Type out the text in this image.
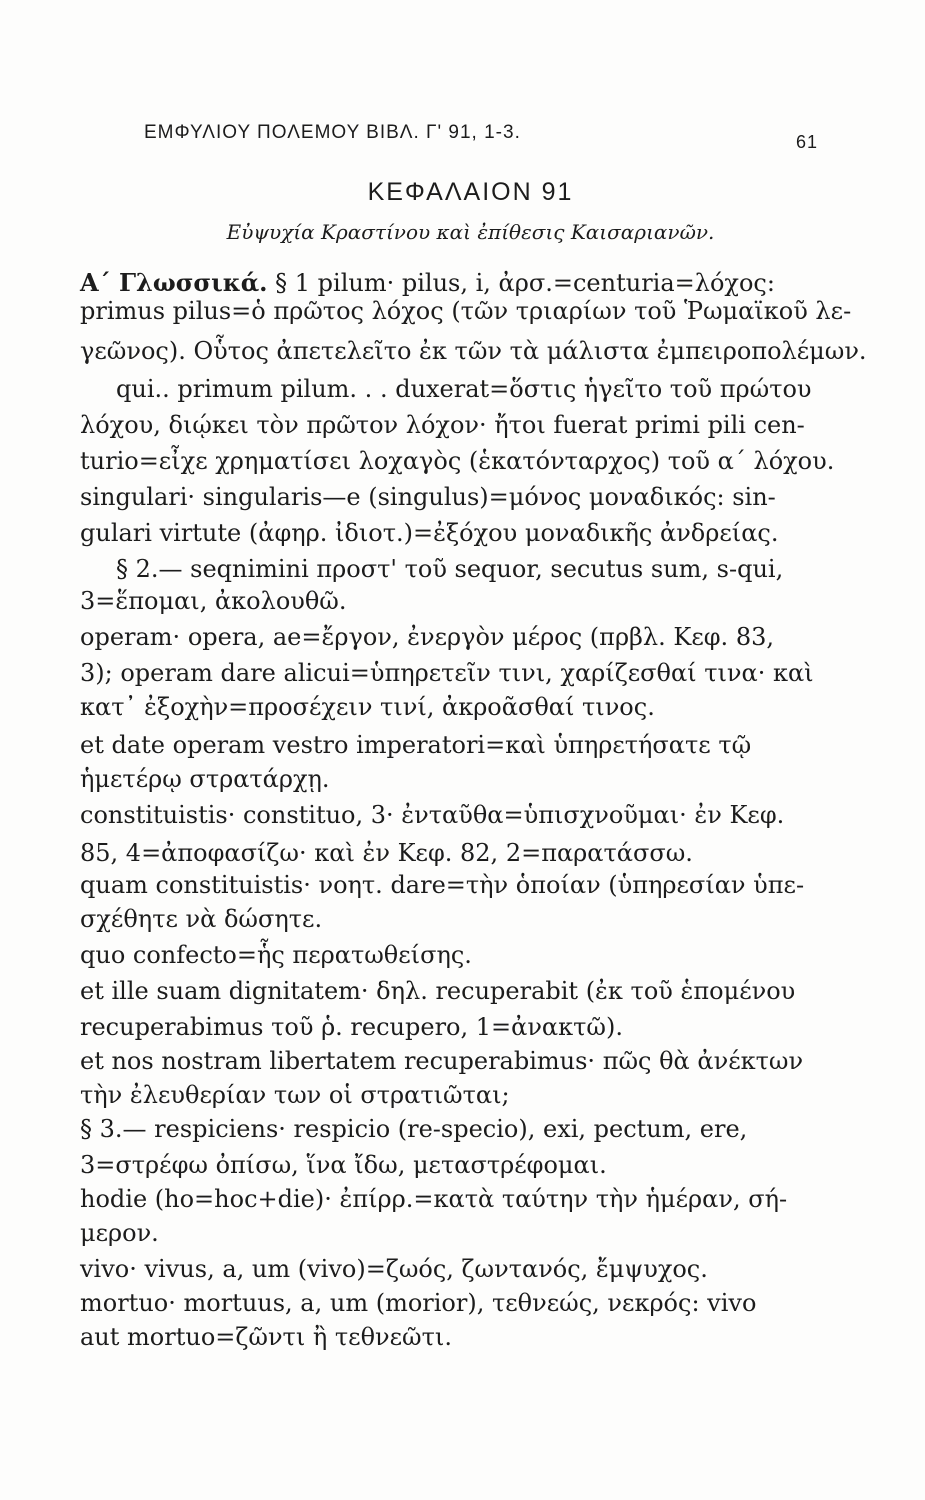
ΕΜΦΥΛΙΟΥ ΠΟΛΕΜΟΥ ΒΙΒΛ. Γ' 91, 1-3.	61
ΚΕΦΑΛΑΙΟΝ 91
Εὐψυχία Κραστίνου καὶ ἐπίθεσις Καισαριανῶν.
Α΄ Γλωσσικά. § 1 pilum· pilus, i, ἀρσ.=centuria=λόχος:
primus pilus=ὁ πρῶτος λόχος (τῶν τριαρίων τοῦ Ῥωμαϊκοῦ λε-
γεῶνος). Οὗτος ἀπετελεῖτο ἐκ τῶν τὰ μάλιστα ἐμπειροπολέμων.
qui.. primum pilum. . . duxerat=ὅστις ἡγεῖτο τοῦ πρώτου
λόχου, διῴκει τὸν πρῶτον λόχον· ἤτοι fuerat primi pili cen-
turio=εἶχε χρηματίσει λοχαγὸς (ἑκατόνταρχος) τοῦ α΄ λόχου.
singulari· singularis—e (singulus)=μόνος μοναδικός: sin-
gulari virtute (ἀφηρ. ἰδιοτ.)=ἐξόχου μοναδικῆς ἀνδρείας.
§ 2.— seqnimini προστ' τοῦ sequor, secutus sum, s-qui,
3=ἕπομαι, ἀκολουθῶ.
operam· opera, ae=ἔργον, ἐνεργὸν μέρος (πρβλ. Κεφ. 83,
3); operam dare alicui=ὑπηρετεῖν τινι, χαρίζεσθαί τινα· καὶ
κατ᾽ ἐξοχὴν=προσέχειν τινί, ἀκροᾶσθαί τινος.
et date operam vestro imperatori=καὶ ὑπηρετήσατε τῷ
ἡμετέρῳ στρατάρχῃ.
constituistis· constituo, 3· ἐνταῦθα=ὑπισχνοῦμαι· ἐν Κεφ.
85, 4=ἀποφασίζω· καὶ ἐν Κεφ. 82, 2=παρατάσσω.
quam constituistis· νοητ. dare=τὴν ὁποίαν (ὑπηρεσίαν ὑπε-
σχέθητε νὰ δώσητε.
quo confecto=ἧς περατωθείσης.
et ille suam dignitatem· δηλ. recuperabit (ἐκ τοῦ ἑπομένου
recuperabimus τοῦ ῥ. recupero, 1=ἀνακτῶ).
et nos nostram libertatem recuperabimus· πῶς θὰ ἀνέκτων
τὴν ἐλευθερίαν των οἱ στρατιῶται;
§ 3.— respiciens· respicio (re-specio), exi, pectum, ere,
3=στρέφω ὀπίσω, ἵνα ἴδω, μεταστρέφομαι.
hodie (ho=hoc+die)· ἐπίρρ.=κατὰ ταύτην τὴν ἡμέραν, σή-
μερον.
vivo· vivus, a, um (vivo)=ζωός, ζωντανός, ἔμψυχος.
mortuo· mortuus, a, um (morior), τεθνεώς, νεκρός: vivo
aut mortuo=ζῶντι ἢ τεθνεῶτι.
